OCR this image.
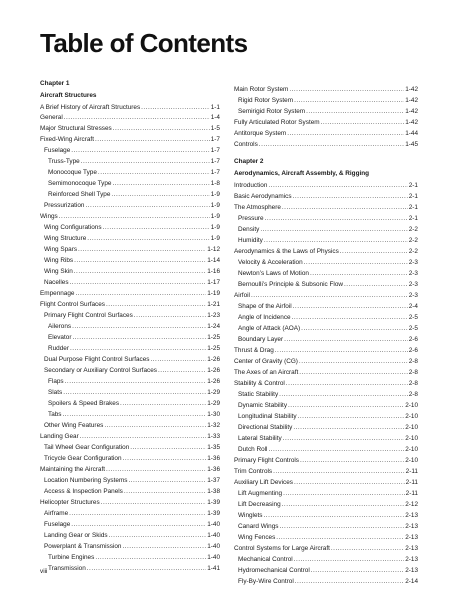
Table of Contents
Chapter 1
Aircraft Structures
A Brief History of Aircraft Structures .....	1-1
General .....	1-4
Major Structural Stresses .....	1-5
Fixed-Wing Aircraft .....	1-7
Fuselage .....	1-7
Truss-Type .....	1-7
Monocoque Type .....	1-7
Semimonocoque Type .....	1-8
Reinforced Shell Type .....	1-9
Pressurization .....	1-9
Wings .....	1-9
Wing Configurations .....	1-9
Wing Structure .....	1-9
Wing Spars .....	1-12
Wing Ribs .....	1-14
Wing Skin .....	1-16
Nacelles .....	1-17
Empennage .....	1-19
Flight Control Surfaces .....	1-21
Primary Flight Control Surfaces .....	1-23
Ailerons .....	1-24
Elevator .....	1-25
Rudder .....	1-25
Dual Purpose Flight Control Surfaces .....	1-26
Secondary or Auxiliary Control Surfaces .....	1-26
Flaps .....	1-26
Slats .....	1-29
Spoilers & Speed Brakes .....	1-29
Tabs .....	1-30
Other Wing Features .....	1-32
Landing Gear .....	1-33
Tail Wheel Gear Configuration .....	1-35
Tricycle Gear Configuration .....	1-36
Maintaining the Aircraft .....	1-36
Location Numbering Systems .....	1-37
Access & Inspection Panels .....	1-38
Helicopter Structures .....	1-39
Airframe .....	1-39
Fuselage .....	1-40
Landing Gear or Skids .....	1-40
Powerplant & Transmission .....	1-40
Turbine Engines .....	1-40
Transmission .....	1-41
Main Rotor System .....	1-42
Rigid Rotor System .....	1-42
Semirigid Rotor System .....	1-42
Fully Articulated Rotor System .....	1-42
Antitorque System .....	1-44
Controls .....	1-45
Chapter 2
Aerodynamics, Aircraft Assembly, & Rigging
Introduction .....	2-1
Basic Aerodynamics .....	2-1
The Atmosphere .....	2-1
Pressure .....	2-1
Density .....	2-2
Humidity .....	2-2
Aerodynamics & the Laws of Physics .....	2-2
Velocity & Acceleration .....	2-3
Newton’s Laws of Motion .....	2-3
Bernoulli’s Principle & Subsonic Flow .....	2-3
Airfoil .....	2-3
Shape of the Airfoil .....	2-4
Angle of Incidence .....	2-5
Angle of Attack (AOA) .....	2-5
Boundary Layer .....	2-6
Thrust & Drag .....	2-6
Center of Gravity (CG) .....	2-8
The Axes of an Aircraft .....	2-8
Stability & Control .....	2-8
Static Stability .....	2-8
Dynamic Stability .....	2-10
Longitudinal Stability .....	2-10
Directional Stability .....	2-10
Lateral Stability .....	2-10
Dutch Roll .....	2-10
Primary Flight Controls .....	2-10
Trim Controls .....	2-11
Auxiliary Lift Devices .....	2-11
Lift Augmenting .....	2-11
Lift Decreasing .....	2-12
Winglets .....	2-13
Canard Wings .....	2-13
Wing Fences .....	2-13
Control Systems for Large Aircraft .....	2-13
Mechanical Control .....	2-13
Hydromechanical Control .....	2-13
Fly-By-Wire Control .....	2-14
viii
